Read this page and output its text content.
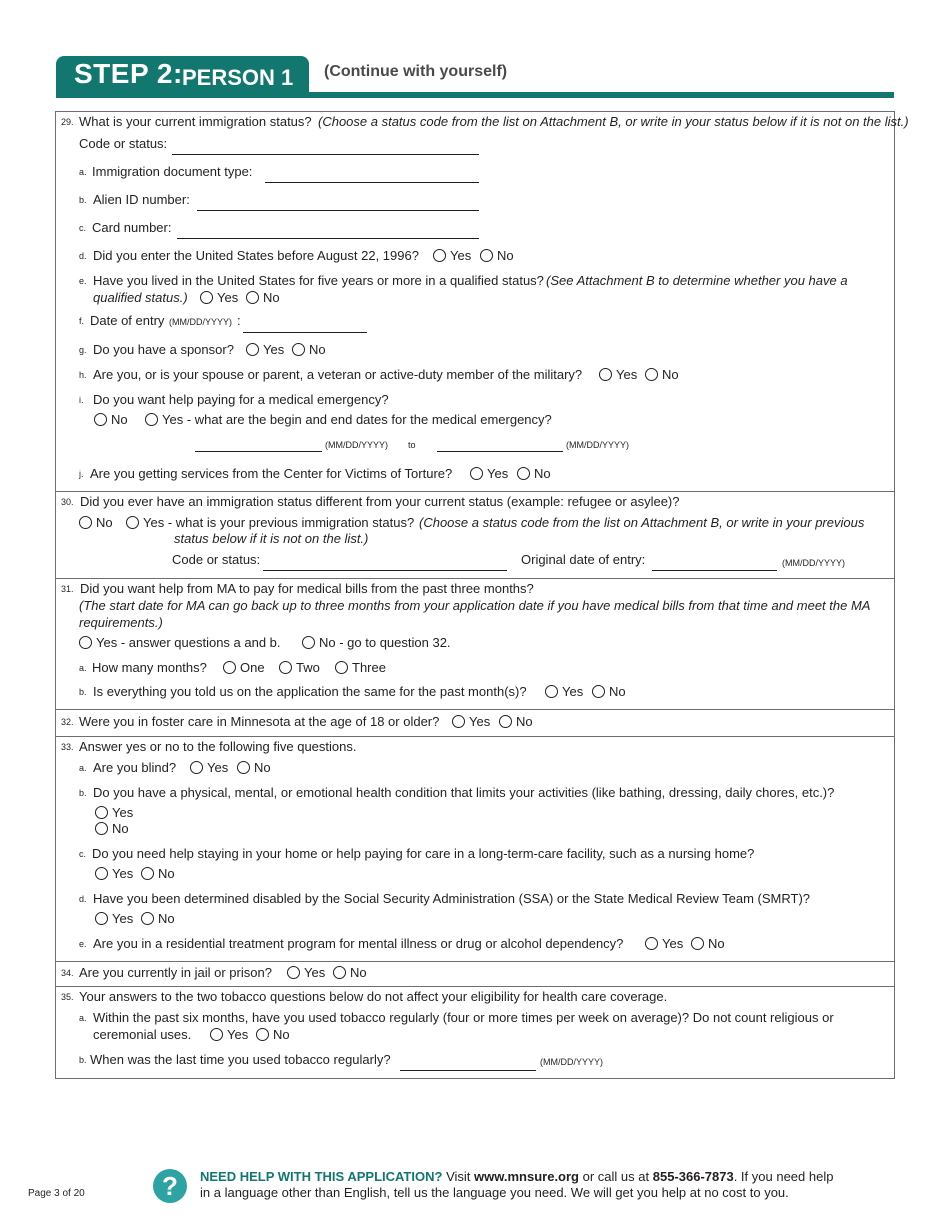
STEP 2: PERSON 1 (Continue with yourself)
29. What is your current immigration status? (Choose a status code from the list on Attachment B, or write in your status below if it is not on the list.)
Code or status:
a. Immigration document type:
b. Alien ID number:
c. Card number:
d. Did you enter the United States before August 22, 1996? Yes No
e. Have you lived in the United States for five years or more in a qualified status? (See Attachment B to determine whether you have a
qualified status.) Yes No
f. Date of entry (MM/DD/YYYY) :
g. Do you have a sponsor? Yes No
h. Are you, or is your spouse or parent, a veteran or active-duty member of the military?	Yes No
i. Do you want help paying for a medical emergency?
No	Yes - what are the begin and end dates for the medical emergency?
(MM/DD/YYYY) to	(MM/DD/YYYY)
j. Are you getting services from the Center for Victims of Torture?	Yes No
30. Did you ever have an immigration status different from your current status (example: refugee or asylee)?
No Yes - what is your previous immigration status? (Choose a status code from the list on Attachment B, or write in your previous
status below if it is not on the list.)
Code or status:	Original date of entry:	(MM/DD/YYYY)
31. Did you want help from MA to pay for medical bills from the past three months?
(The start date for MA can go back up to three months from your application date if you have medical bills from that time and meet the MA
requirements.)
Yes - answer questions a and b.	No - go to question 32.
a. How many months?	One Two Three
b. Is everything you told us on the application the same for the past month(s)?	Yes No
32. Were you in foster care in Minnesota at the age of 18 or older? Yes No
33. Answer yes or no to the following five questions.
a. Are you blind? Yes No
b. Do you have a physical, mental, or emotional health condition that limits your activities (like bathing, dressing, daily chores, etc.)?
Yes
No
c. Do you need help staying in your home or help paying for care in a long-term-care facility, such as a nursing home?
Yes No
d. Have you been determined disabled by the Social Security Administration (SSA) or the State Medical Review Team (SMRT)?
Yes No
e. Are you in a residential treatment program for mental illness or drug or alcohol dependency?	Yes No
34. Are you currently in jail or prison? Yes No
35. Your answers to the two tobacco questions below do not affect your eligibility for health care coverage.
a. Within the past six months, have you used tobacco regularly (four or more times per week on average)? Do not count religious or
ceremonial uses.	Yes No
b. When was the last time you used tobacco regularly?	(MM/DD/YYYY)
?	NEED HELP WITH THIS APPLICATION? Visit www.mnsure.org or call us at 855-366-7873. If you need help
in a language other than English, tell us the language you need. We will get you help at no cost to you.
Page 3 of 20
